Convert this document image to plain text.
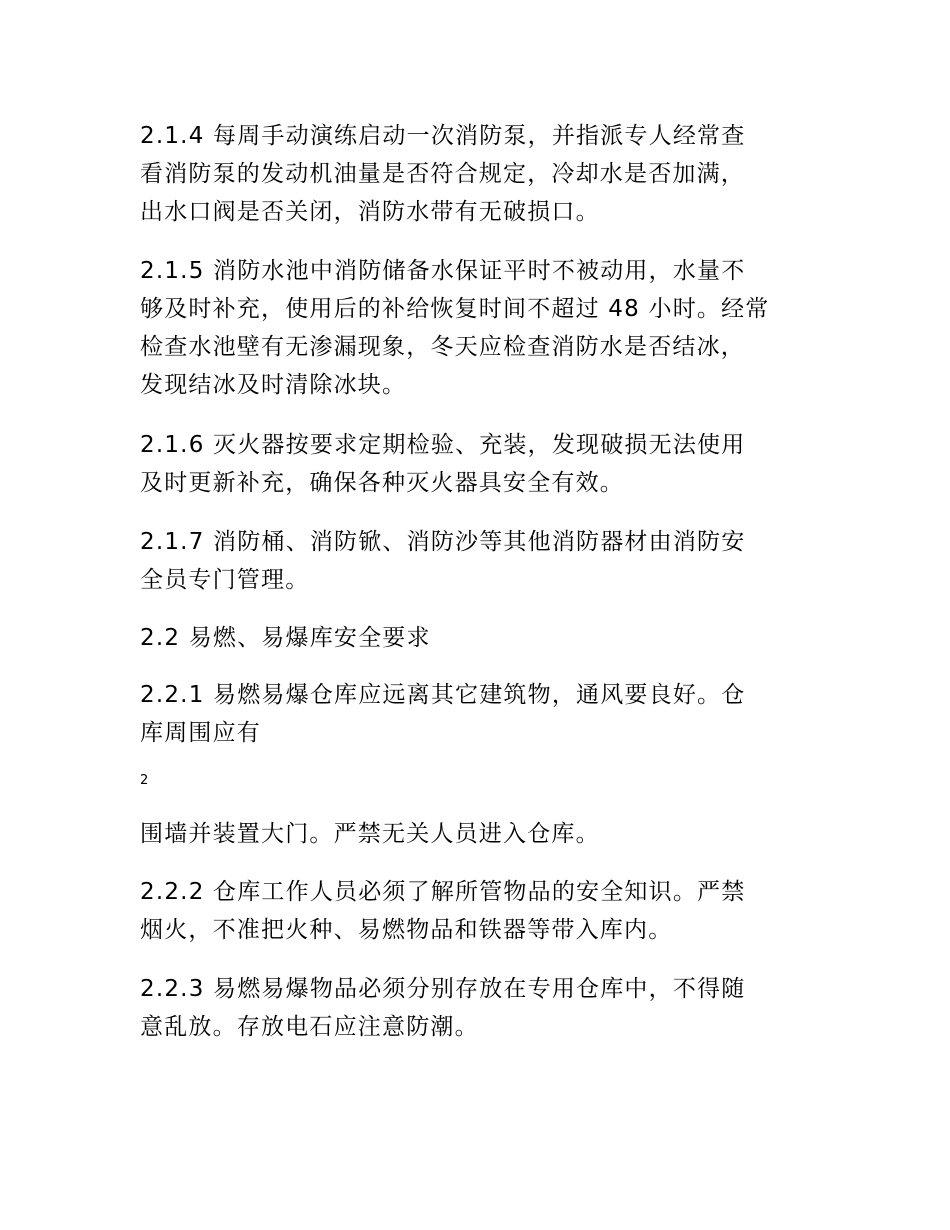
2.1.4 每周手动演练启动一次消防泵，并指派专人经常查
看消防泵的发动机油量是否符合规定，冷却水是否加满，
出水口阀是否关闭，消防水带有无破损口。

2.1.5 消防水池中消防储备水保证平时不被动用，水量不
够及时补充，使用后的补给恢复时间不超过 48 小时。经常
检查水池壁有无渗漏现象，冬天应检查消防水是否结冰，
发现结冰及时清除冰块。

2.1.6 灭火器按要求定期检验、充装，发现破损无法使用
及时更新补充，确保各种灭火器具安全有效。

2.1.7 消防桶、消防锨、消防沙等其他消防器材由消防安
全员专门管理。

2.2 易燃、易爆库安全要求

2.2.1 易燃易爆仓库应远离其它建筑物，通风要良好。仓
库周围应有

2

围墙并装置大门。严禁无关人员进入仓库。

2.2.2 仓库工作人员必须了解所管物品的安全知识。严禁
烟火，不准把火种、易燃物品和铁器等带入库内。

2.2.3 易燃易爆物品必须分别存放在专用仓库中，不得随
意乱放。存放电石应注意防潮。
